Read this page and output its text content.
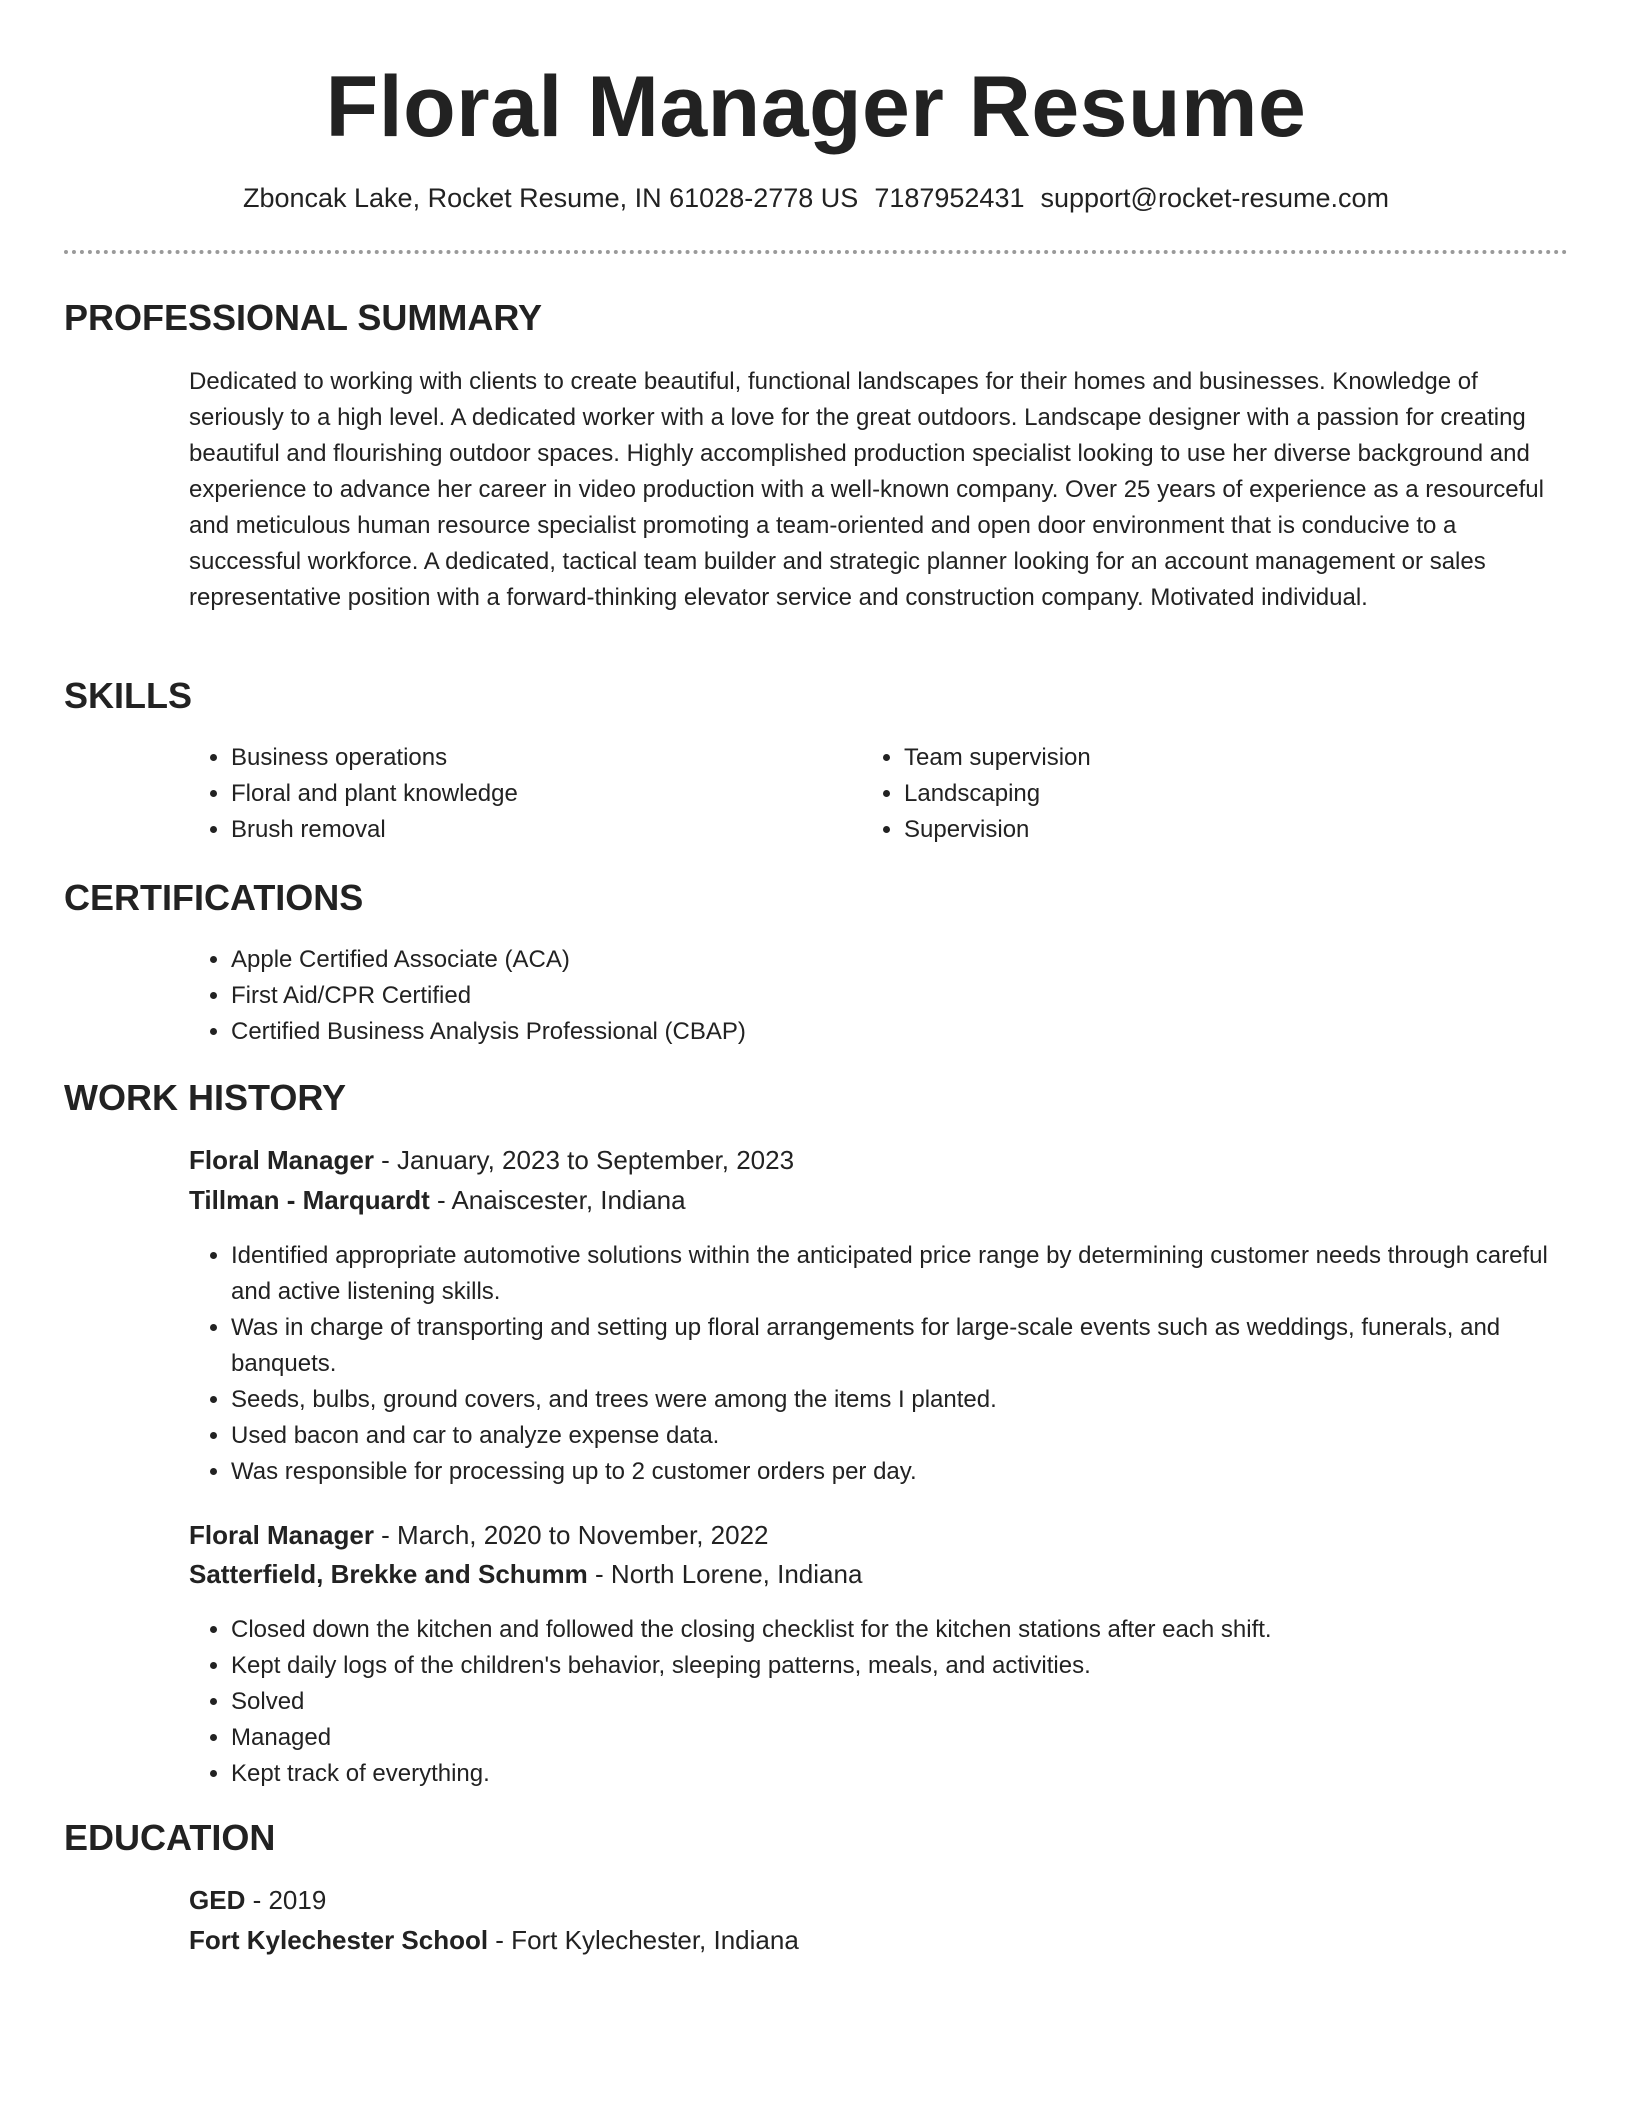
Floral Manager Resume
Zboncak Lake, Rocket Resume, IN 61028-2778 US 7187952431 support@rocket-resume.com
PROFESSIONAL SUMMARY

Dedicated to working with clients to create beautiful, functional landscapes for their homes and businesses. Knowledge of seriously to a high level. A dedicated worker with a love for the great outdoors. Landscape designer with a passion for creating beautiful and flourishing outdoor spaces. Highly accomplished production specialist looking to use her diverse background and experience to advance her career in video production with a well-known company. Over 25 years of experience as a resourceful and meticulous human resource specialist promoting a team-oriented and open door environment that is conducive to a successful workforce. A dedicated, tactical team builder and strategic planner looking for an account management or sales representative position with a forward-thinking elevator service and construction company. Motivated individual.

SKILLS
• Business operations
• Floral and plant knowledge
• Brush removal
• Team supervision
• Landscaping
• Supervision
CERTIFICATIONS
• Apple Certified Associate (ACA)
• First Aid/CPR Certified
• Certified Business Analysis Professional (CBAP)
WORK HISTORY
Floral Manager - January, 2023 to September, 2023
Tillman - Marquardt - Anaiscester, Indiana
• Identified appropriate automotive solutions within the anticipated price range by determining customer needs through careful and active listening skills.
• Was in charge of transporting and setting up floral arrangements for large-scale events such as weddings, funerals, and banquets.
• Seeds, bulbs, ground covers, and trees were among the items I planted.
• Used bacon and car to analyze expense data.
• Was responsible for processing up to 2 customer orders per day.
Floral Manager - March, 2020 to November, 2022
Satterfield, Brekke and Schumm - North Lorene, Indiana
• Closed down the kitchen and followed the closing checklist for the kitchen stations after each shift.
• Kept daily logs of the children's behavior, sleeping patterns, meals, and activities.
• Solved
• Managed
• Kept track of everything.
EDUCATION
GED - 2019
Fort Kylechester School - Fort Kylechester, Indiana
